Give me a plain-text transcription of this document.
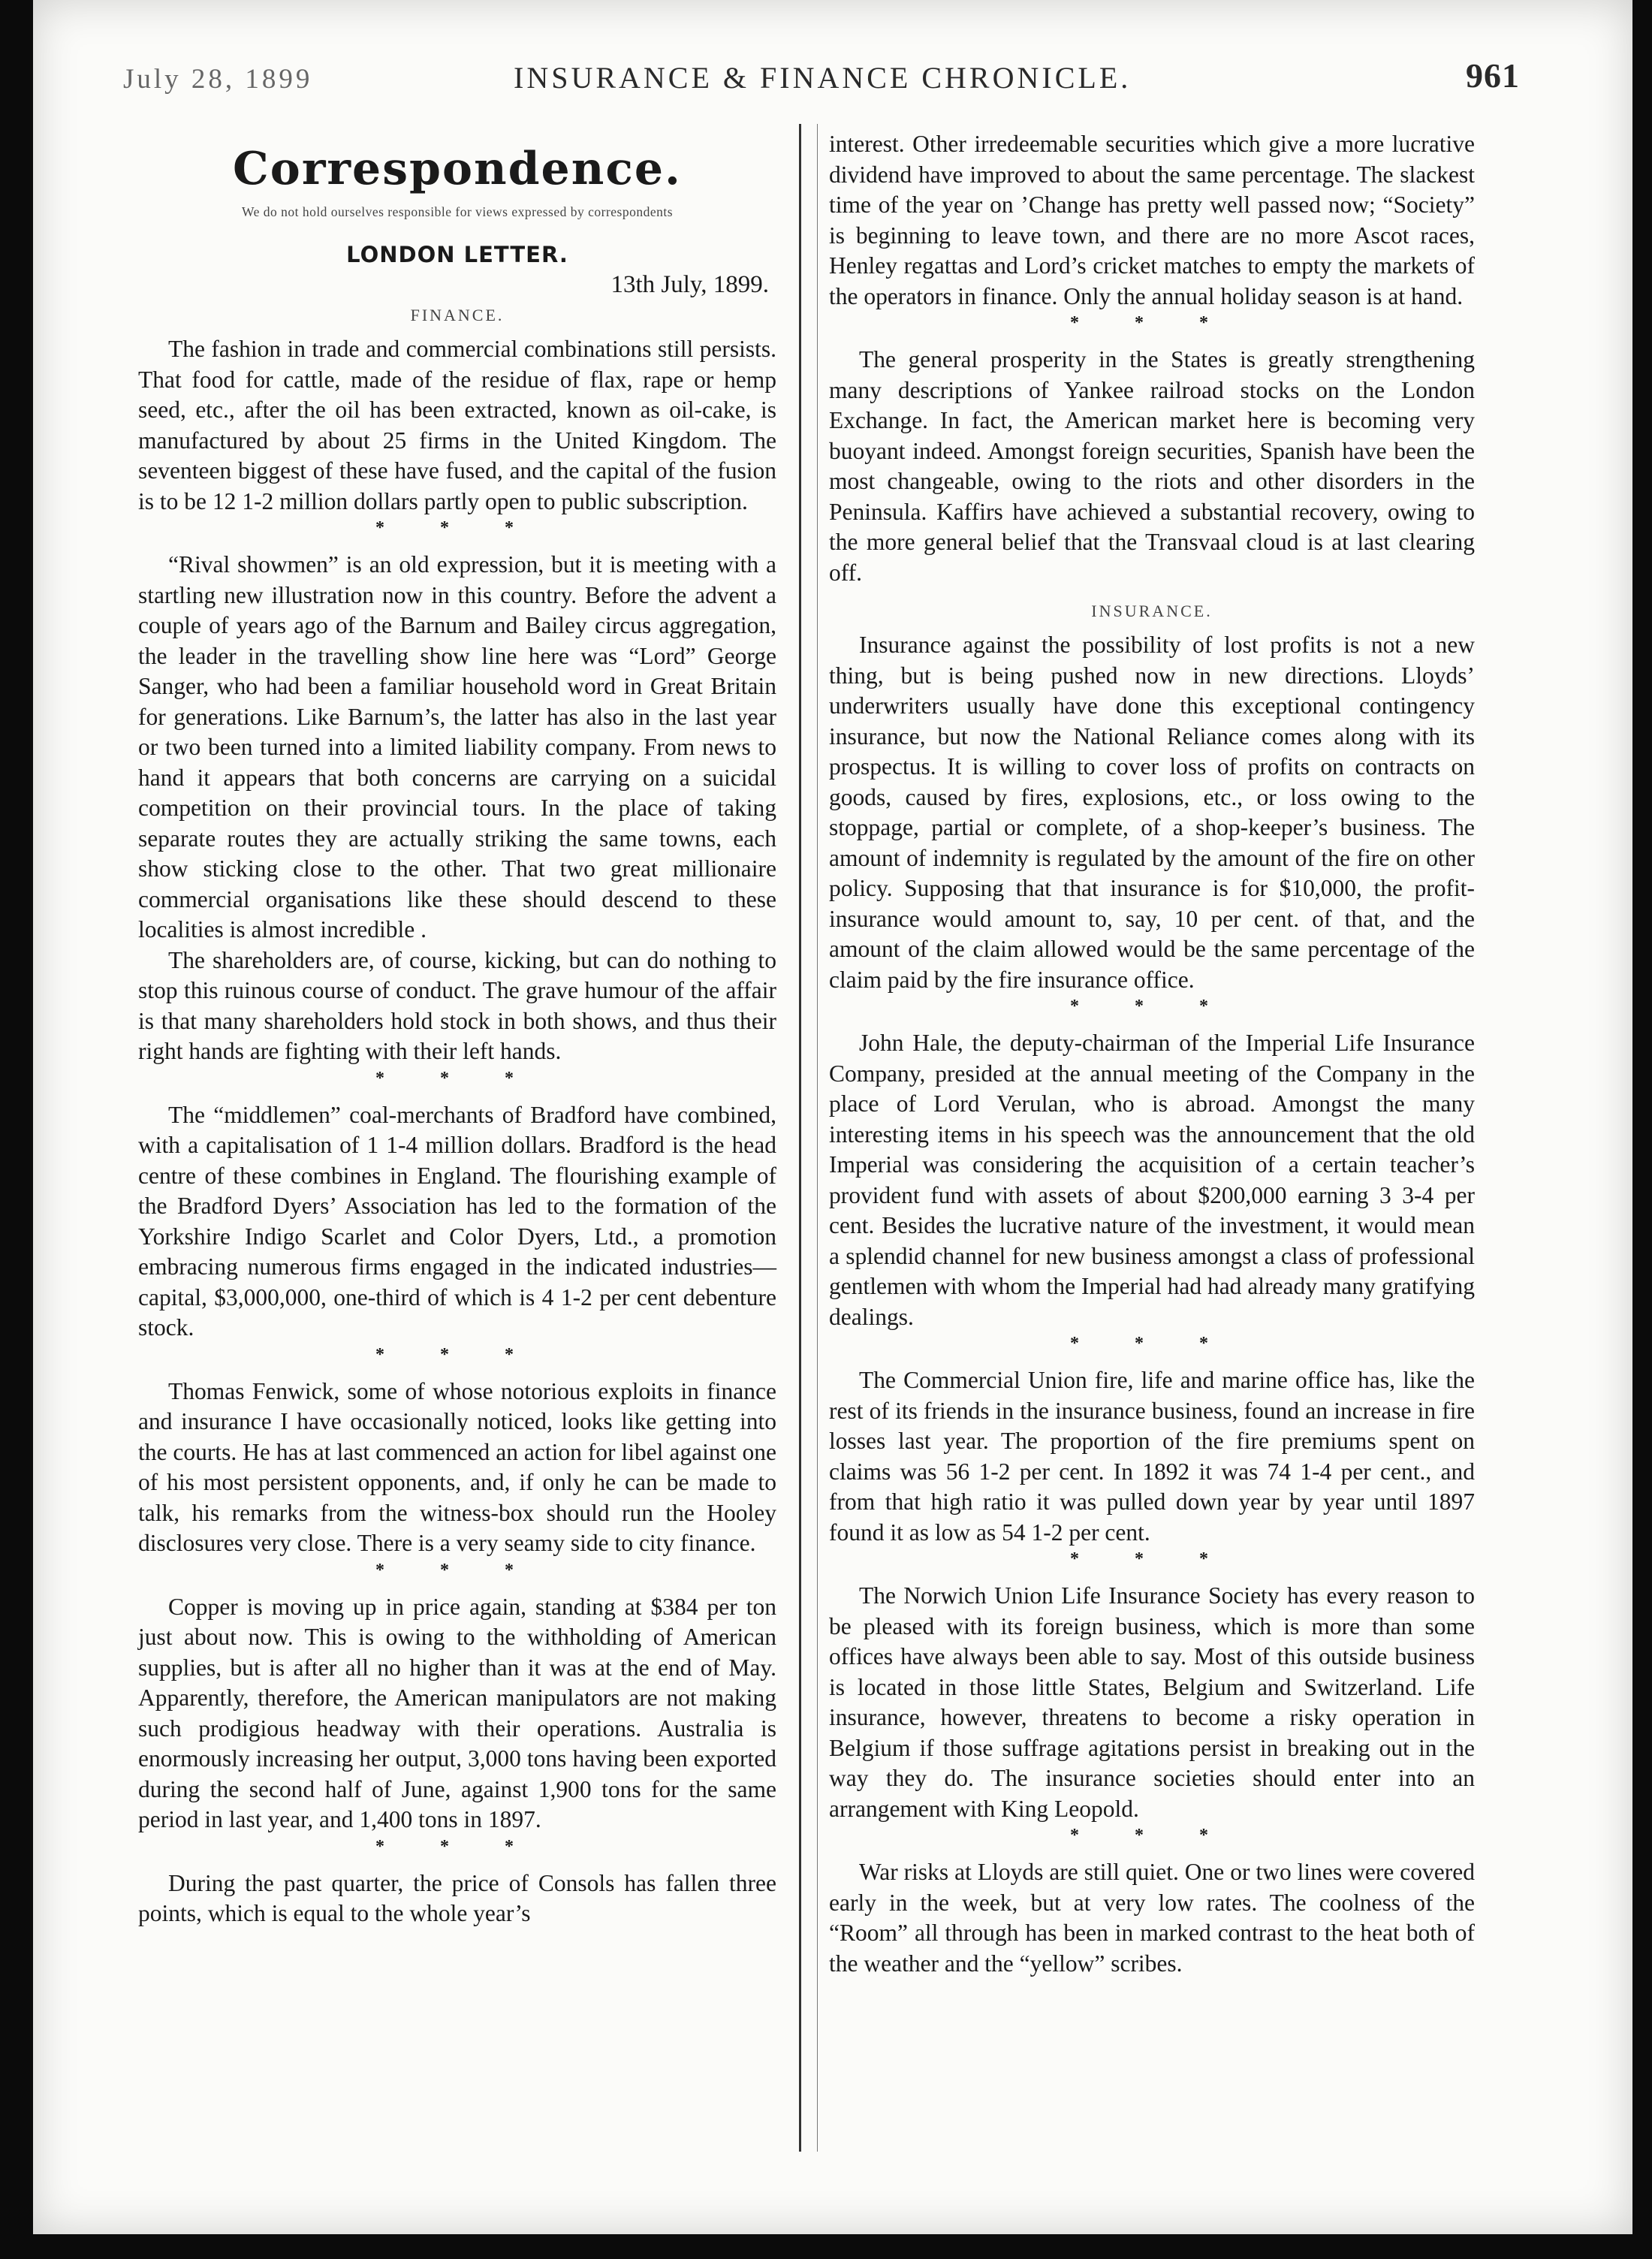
July 28, 1899	INSURANCE & FINANCE CHRONICLE.	961
Correspondence.
We do not hold ourselves responsible for views expressed by correspondents
LONDON LETTER.
13th July, 1899.
FINANCE.

The fashion in trade and commercial combinations still persists. That food for cattle, made of the residue of flax, rape or hemp seed, etc., after the oil has been extracted, known as oil-cake, is manufactured by about 25 firms in the United Kingdom. The seventeen biggest of these have fused, and the capital of the fusion is to be 12 1-2 million dollars partly open to public subscription.

* * *

“Rival showmen” is an old expression, but it is meeting with a startling new illustration now in this country. Before the advent a couple of years ago of the Barnum and Bailey circus aggregation, the leader in the travelling show line here was “Lord” George Sanger, who had been a familiar household word in Great Britain for generations. Like Barnum’s, the latter has also in the last year or two been turned into a limited liability company. From news to hand it appears that both concerns are carrying on a suicidal competition on their provincial tours. In the place of taking separate routes they are actually striking the same towns, each show sticking close to the other. That two great millionaire commercial organisations like these should descend to these localities is almost incredible .

The shareholders are, of course, kicking, but can do nothing to stop this ruinous course of conduct. The grave humour of the affair is that many shareholders hold stock in both shows, and thus their right hands are fighting with their left hands.

* * *

The “middlemen” coal-merchants of Bradford have combined, with a capitalisation of 1 1-4 million dollars. Bradford is the head centre of these combines in England. The flourishing example of the Bradford Dyers’ Association has led to the formation of the Yorkshire Indigo Scarlet and Color Dyers, Ltd., a promotion embracing numerous firms engaged in the indicated industries—capital, $3,000,000, one-third of which is 4 1-2 per cent debenture stock.

* * *

Thomas Fenwick, some of whose notorious exploits in finance and insurance I have occasionally noticed, looks like getting into the courts. He has at last commenced an action for libel against one of his most persistent opponents, and, if only he can be made to talk, his remarks from the witness-box should run the Hooley disclosures very close. There is a very seamy side to city finance.

* * *

Copper is moving up in price again, standing at $384 per ton just about now. This is owing to the withholding of American supplies, but is after all no higher than it was at the end of May. Apparently, therefore, the American manipulators are not making such prodigious headway with their operations. Australia is enormously increasing her output, 3,000 tons having been exported during the second half of June, against 1,900 tons for the same period in last year, and 1,400 tons in 1897.

* * *

During the past quarter, the price of Consols has fallen three points, which is equal to the whole year’s

interest. Other irredeemable securities which give a more lucrative dividend have improved to about the same percentage. The slackest time of the year on ’Change has pretty well passed now; “Society” is beginning to leave town, and there are no more Ascot races, Henley regattas and Lord’s cricket matches to empty the markets of the operators in finance. Only the annual holiday season is at hand.

* * *

The general prosperity in the States is greatly strengthening many descriptions of Yankee railroad stocks on the London Exchange. In fact, the American market here is becoming very buoyant indeed. Amongst foreign securities, Spanish have been the most changeable, owing to the riots and other disorders in the Peninsula. Kaffirs have achieved a substantial recovery, owing to the more general belief that the Transvaal cloud is at last clearing off.

INSURANCE.

Insurance against the possibility of lost profits is not a new thing, but is being pushed now in new directions. Lloyds’ underwriters usually have done this exceptional contingency insurance, but now the National Reliance comes along with its prospectus. It is willing to cover loss of profits on contracts on goods, caused by fires, explosions, etc., or loss owing to the stoppage, partial or complete, of a shop-keeper’s business. The amount of indemnity is regulated by the amount of the fire on other policy. Supposing that that insurance is for $10,000, the profit-insurance would amount to, say, 10 per cent. of that, and the amount of the claim allowed would be the same percentage of the claim paid by the fire insurance office.

* * *

John Hale, the deputy-chairman of the Imperial Life Insurance Company, presided at the annual meeting of the Company in the place of Lord Verulan, who is abroad. Amongst the many interesting items in his speech was the announcement that the old Imperial was considering the acquisition of a certain teacher’s provident fund with assets of about $200,000 earning 3 3-4 per cent. Besides the lucrative nature of the investment, it would mean a splendid channel for new business amongst a class of professional gentlemen with whom the Imperial had had already many gratifying dealings.

* * *

The Commercial Union fire, life and marine office has, like the rest of its friends in the insurance business, found an increase in fire losses last year. The proportion of the fire premiums spent on claims was 56 1-2 per cent. In 1892 it was 74 1-4 per cent., and from that high ratio it was pulled down year by year until 1897 found it as low as 54 1-2 per cent.

* * *

The Norwich Union Life Insurance Society has every reason to be pleased with its foreign business, which is more than some offices have always been able to say. Most of this outside business is located in those little States, Belgium and Switzerland. Life insurance, however, threatens to become a risky operation in Belgium if those suffrage agitations persist in breaking out in the way they do. The insurance societies should enter into an arrangement with King Leopold.

* * *

War risks at Lloyds are still quiet. One or two lines were covered early in the week, but at very low rates. The coolness of the “Room” all through has been in marked contrast to the heat both of the weather and the “yellow” scribes.
